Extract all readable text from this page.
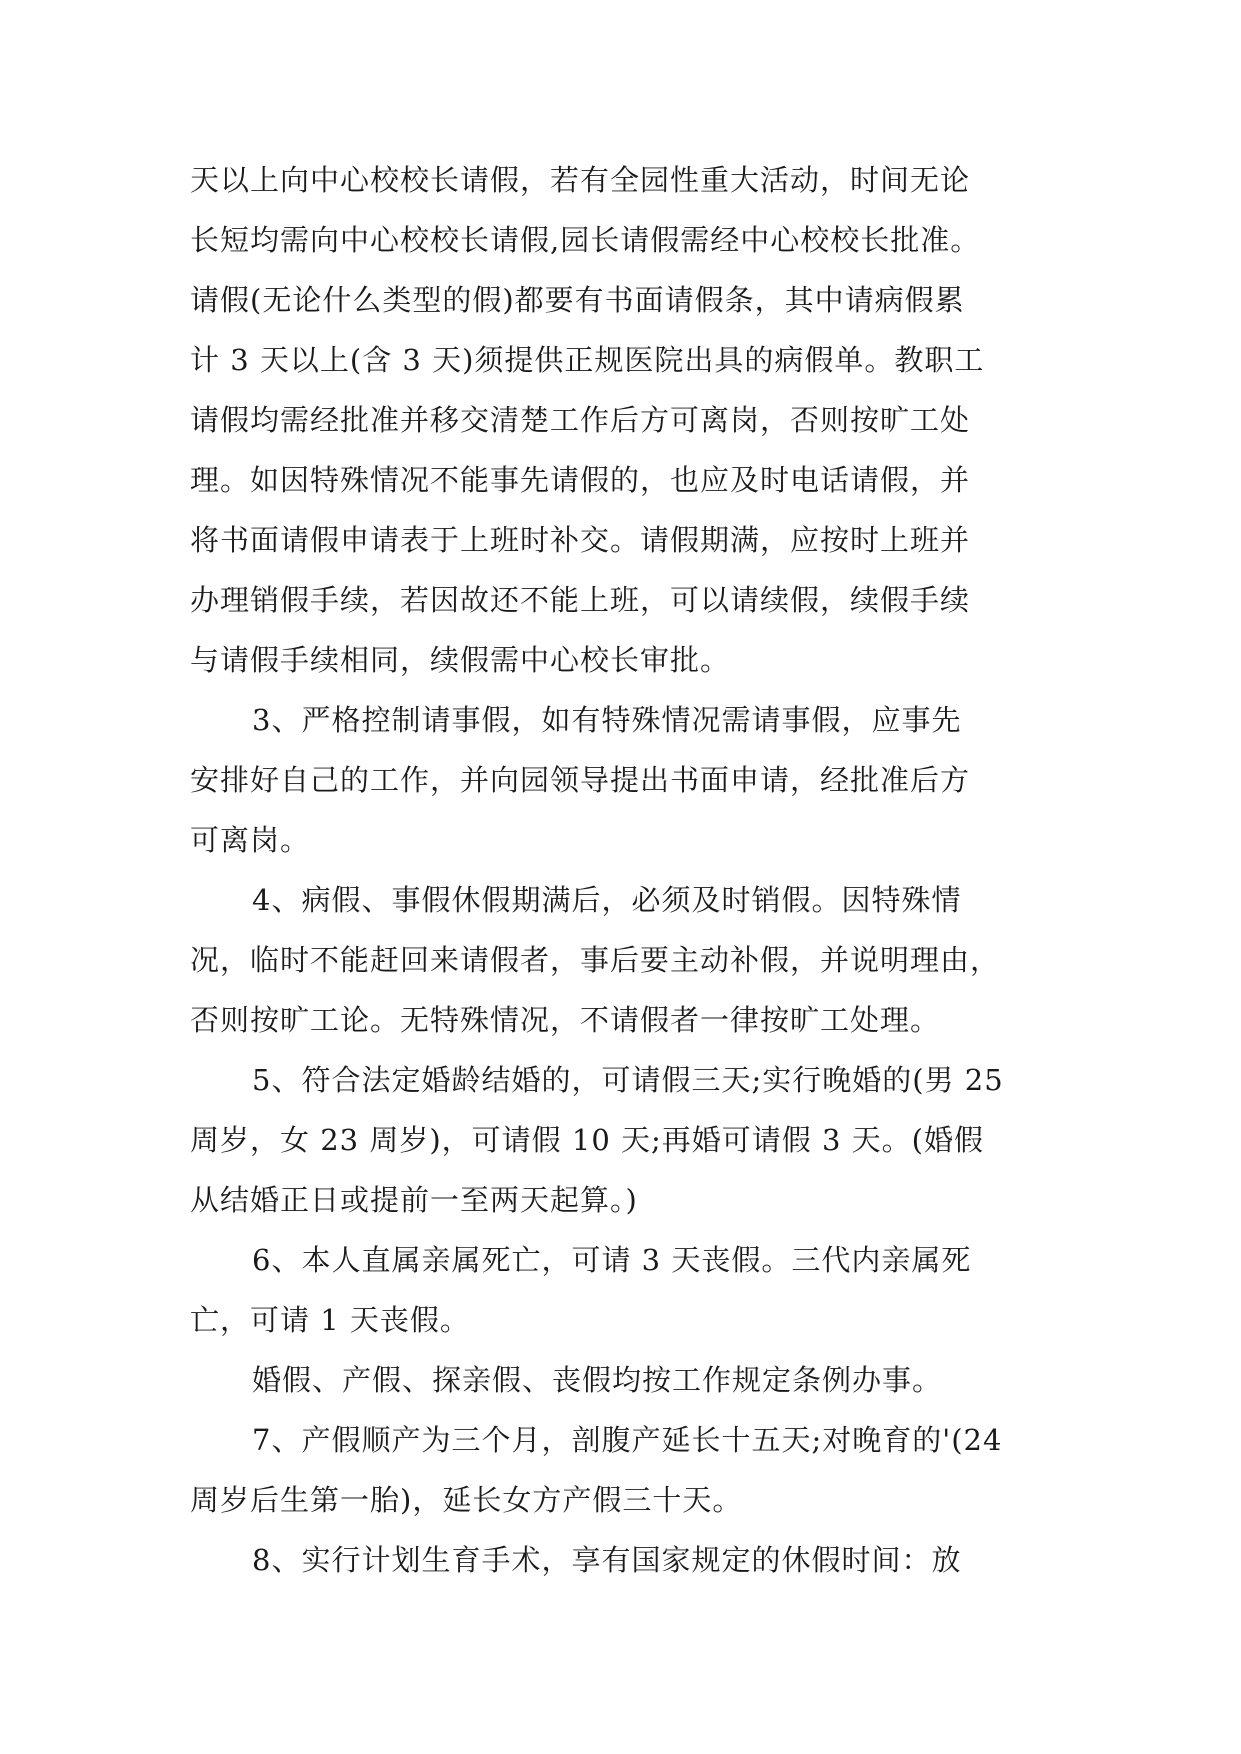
天以上向中心校校长请假，若有全园性重大活动，时间无论
长短均需向中心校校长请假,园长请假需经中心校校长批准。
请假(无论什么类型的假)都要有书面请假条，其中请病假累
计 3 天以上(含 3 天)须提供正规医院出具的病假单。教职工
请假均需经批准并移交清楚工作后方可离岗，否则按旷工处
理。如因特殊情况不能事先请假的，也应及时电话请假，并
将书面请假申请表于上班时补交。请假期满，应按时上班并
办理销假手续，若因故还不能上班，可以请续假，续假手续
与请假手续相同，续假需中心校长审批。
3、严格控制请事假，如有特殊情况需请事假，应事先
安排好自己的工作，并向园领导提出书面申请，经批准后方
可离岗。
4、病假、事假休假期满后，必须及时销假。因特殊情
况，临时不能赶回来请假者，事后要主动补假，并说明理由，
否则按旷工论。无特殊情况，不请假者一律按旷工处理。
5、符合法定婚龄结婚的，可请假三天;实行晚婚的(男 25
周岁，女 23 周岁)，可请假 10 天;再婚可请假 3 天。(婚假
从结婚正日或提前一至两天起算。)
6、本人直属亲属死亡，可请 3 天丧假。三代内亲属死
亡，可请 1 天丧假。
婚假、产假、探亲假、丧假均按工作规定条例办事。
7、产假顺产为三个月，剖腹产延长十五天;对晚育的'(24
周岁后生第一胎)，延长女方产假三十天。
8、实行计划生育手术，享有国家规定的休假时间：放
